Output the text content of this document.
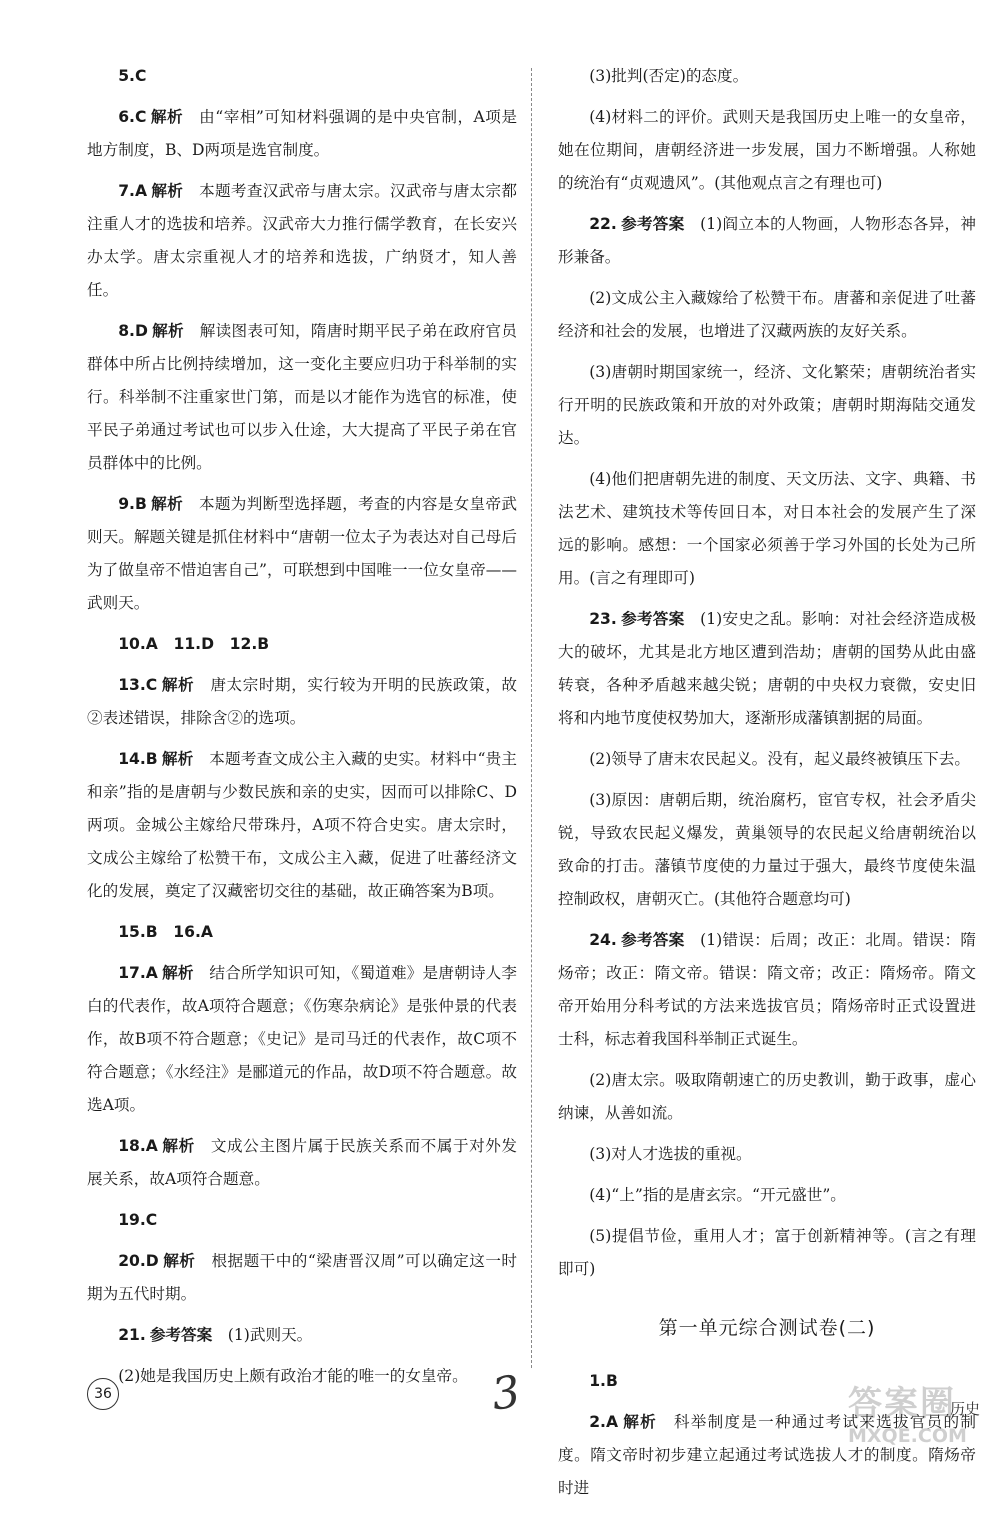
5.C

6.C 解析  由“宰相”可知材料强调的是中央官制，A项是地方制度，B、D两项是选官制度。

7.A 解析  本题考查汉武帝与唐太宗。汉武帝与唐太宗都注重人才的选拔和培养。汉武帝大力推行儒学教育，在长安兴办太学。唐太宗重视人才的培养和选拔，广纳贤才，知人善任。

8.D 解析  解读图表可知，隋唐时期平民子弟在政府官员群体中所占比例持续增加，这一变化主要应归功于科举制的实行。科举制不注重家世门第，而是以才能作为选官的标准，使平民子弟通过考试也可以步入仕途，大大提高了平民子弟在官员群体中的比例。

9.B 解析  本题为判断型选择题，考查的内容是女皇帝武则天。解题关键是抓住材料中“唐朝一位太子为表达对自己母后为了做皇帝不惜迫害自己”，可联想到中国唯一一位女皇帝——武则天。

10.A　11.D　12.B

13.C 解析  唐太宗时期，实行较为开明的民族政策，故②表述错误，排除含②的选项。

14.B 解析  本题考查文成公主入藏的史实。材料中“贵主和亲”指的是唐朝与少数民族和亲的史实，因而可以排除C、D两项。金城公主嫁给尺带珠丹，A项不符合史实。唐太宗时，文成公主嫁给了松赞干布，文成公主入藏，促进了吐蕃经济文化的发展，奠定了汉藏密切交往的基础，故正确答案为B项。

15.B　16.A

17.A 解析  结合所学知识可知，《蜀道难》是唐朝诗人李白的代表作，故A项符合题意；《伤寒杂病论》是张仲景的代表作，故B项不符合题意；《史记》是司马迁的代表作，故C项不符合题意；《水经注》是郦道元的作品，故D项不符合题意。故选A项。

18.A 解析  文成公主图片属于民族关系而不属于对外发展关系，故A项符合题意。

19.C

20.D 解析  根据题干中的“梁唐晋汉周”可以确定这一时期为五代时期。

21. 参考答案  (1)武则天。

(2)她是我国历史上颇有政治才能的唯一的女皇帝。

(3)批判(否定)的态度。

(4)材料二的评价。武则天是我国历史上唯一的女皇帝，她在位期间，唐朝经济进一步发展，国力不断增强。人称她的统治有“贞观遗风”。(其他观点言之有理也可)

22. 参考答案  (1)阎立本的人物画，人物形态各异，神形兼备。

(2)文成公主入藏嫁给了松赞干布。唐蕃和亲促进了吐蕃经济和社会的发展，也增进了汉藏两族的友好关系。

(3)唐朝时期国家统一，经济、文化繁荣；唐朝统治者实行开明的民族政策和开放的对外政策；唐朝时期海陆交通发达。

(4)他们把唐朝先进的制度、天文历法、文字、典籍、书法艺术、建筑技术等传回日本，对日本社会的发展产生了深远的影响。感想：一个国家必须善于学习外国的长处为己所用。(言之有理即可)

23. 参考答案  (1)安史之乱。影响：对社会经济造成极大的破坏，尤其是北方地区遭到浩劫；唐朝的国势从此由盛转衰，各种矛盾越来越尖锐；唐朝的中央权力衰微，安史旧将和内地节度使权势加大，逐渐形成藩镇割据的局面。

(2)领导了唐末农民起义。没有，起义最终被镇压下去。

(3)原因：唐朝后期，统治腐朽，宦官专权，社会矛盾尖锐，导致农民起义爆发，黄巢领导的农民起义给唐朝统治以致命的打击。藩镇节度使的力量过于强大，最终节度使朱温控制政权，唐朝灭亡。(其他符合题意均可)

24. 参考答案  (1)错误：后周；改正：北周。错误：隋炀帝；改正：隋文帝。错误：隋文帝；改正：隋炀帝。隋文帝开始用分科考试的方法来选拔官员；隋炀帝时正式设置进士科，标志着我国科举制正式诞生。

(2)唐太宗。吸取隋朝速亡的历史教训，勤于政事，虚心纳谏，从善如流。

(3)对人才选拔的重视。

(4)“上”指的是唐玄宗。“开元盛世”。

(5)提倡节俭，重用人才；富于创新精神等。(言之有理即可)

第一单元综合测试卷(二)

1.B

2.A 解析  科举制度是一种通过考试来选拔官员的制度。隋文帝时初步建立起通过考试选拔人才的制度。隋炀帝时进

36	3	答案圈
MXQE.COM
历史
